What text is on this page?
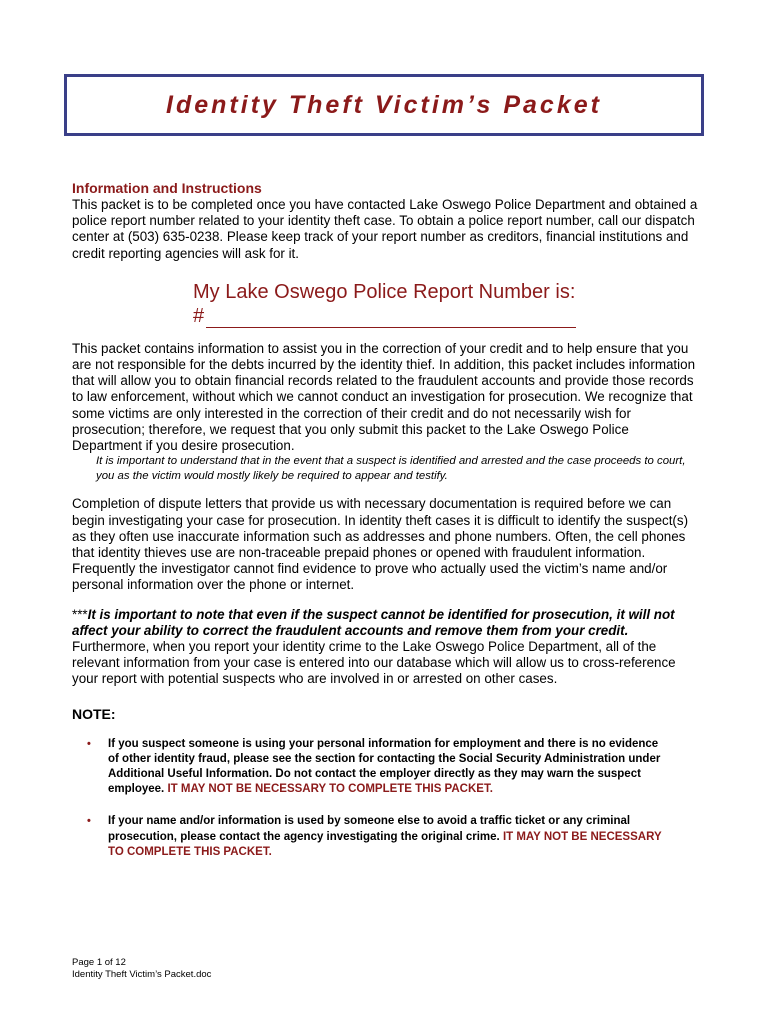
Identity Theft Victim’s Packet
Information and Instructions

This packet is to be completed once you have contacted Lake Oswego Police Department and obtained a police report number related to your identity theft case. To obtain a police report number, call our dispatch center at (503) 635-0238. Please keep track of your report number as creditors, financial institutions and credit reporting agencies will ask for it.

My Lake Oswego Police Report Number is:
#

This packet contains information to assist you in the correction of your credit and to help ensure that you are not responsible for the debts incurred by the identity thief. In addition, this packet includes information that will allow you to obtain financial records related to the fraudulent accounts and provide those records to law enforcement, without which we cannot conduct an investigation for prosecution. We recognize that some victims are only interested in the correction of their credit and do not necessarily wish for prosecution; therefore, we request that you only submit this packet to the Lake Oswego Police Department if you desire prosecution.

It is important to understand that in the event that a suspect is identified and arrested and the case proceeds to court, you as the victim would mostly likely be required to appear and testify.

Completion of dispute letters that provide us with necessary documentation is required before we can begin investigating your case for prosecution. In identity theft cases it is difficult to identify the suspect(s) as they often use inaccurate information such as addresses and phone numbers. Often, the cell phones that identity thieves use are non-traceable prepaid phones or opened with fraudulent information. Frequently the investigator cannot find evidence to prove who actually used the victim’s name and/or personal information over the phone or internet.

***It is important to note that even if the suspect cannot be identified for prosecution, it will not affect your ability to correct the fraudulent accounts and remove them from your credit. Furthermore, when you report your identity crime to the Lake Oswego Police Department, all of the relevant information from your case is entered into our database which will allow us to cross-reference your report with potential suspects who are involved in or arrested on other cases.

NOTE:
• If you suspect someone is using your personal information for employment and there is no evidence of other identity fraud, please see the section for contacting the Social Security Administration under Additional Useful Information. Do not contact the employer directly as they may warn the suspect employee. IT MAY NOT BE NECESSARY TO COMPLETE THIS PACKET.
• If your name and/or information is used by someone else to avoid a traffic ticket or any criminal prosecution, please contact the agency investigating the original crime. IT MAY NOT BE NECESSARY TO COMPLETE THIS PACKET.
Page 1 of 12
Identity Theft Victim’s Packet.doc
